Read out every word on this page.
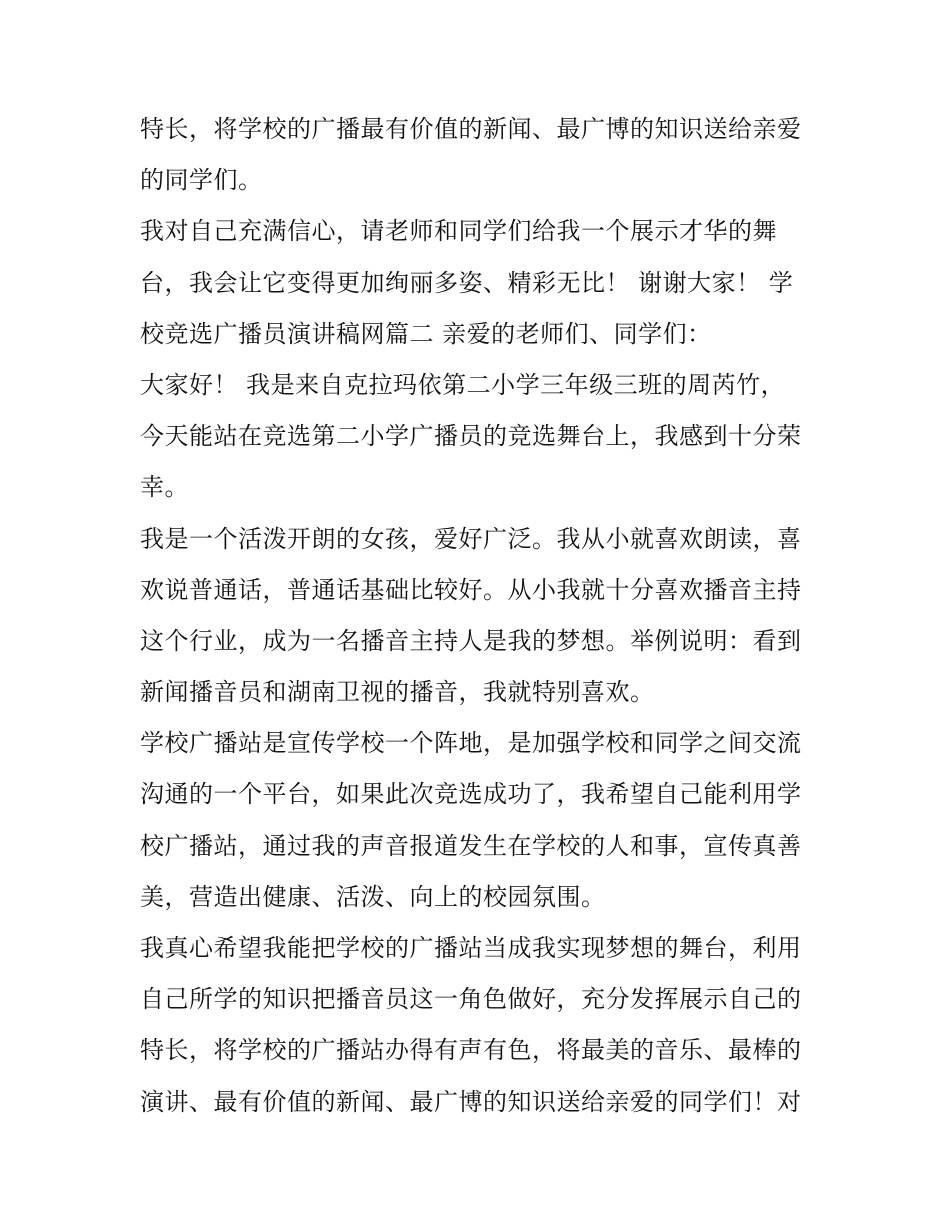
特长，将学校的广播最有价值的新闻、最广博的知识送给亲爱
的同学们。
我对自己充满信心，请老师和同学们给我一个展示才华的舞
台，我会让它变得更加绚丽多姿、精彩无比！ 谢谢大家！ 学
校竞选广播员演讲稿网篇二 亲爱的老师们、同学们：
大家好！ 我是来自克拉玛依第二小学三年级三班的周芮竹，
今天能站在竞选第二小学广播员的竞选舞台上，我感到十分荣
幸。
我是一个活泼开朗的女孩，爱好广泛。我从小就喜欢朗读，喜
欢说普通话，普通话基础比较好。从小我就十分喜欢播音主持
这个行业，成为一名播音主持人是我的梦想。举例说明：看到
新闻播音员和湖南卫视的播音，我就特别喜欢。
学校广播站是宣传学校一个阵地，是加强学校和同学之间交流
沟通的一个平台，如果此次竞选成功了，我希望自己能利用学
校广播站，通过我的声音报道发生在学校的人和事，宣传真善
美，营造出健康、活泼、向上的校园氛围。
我真心希望我能把学校的广播站当成我实现梦想的舞台，利用
自己所学的知识把播音员这一角色做好，充分发挥展示自己的
特长，将学校的广播站办得有声有色，将最美的音乐、最棒的
演讲、最有价值的新闻、最广博的知识送给亲爱的同学们！对
